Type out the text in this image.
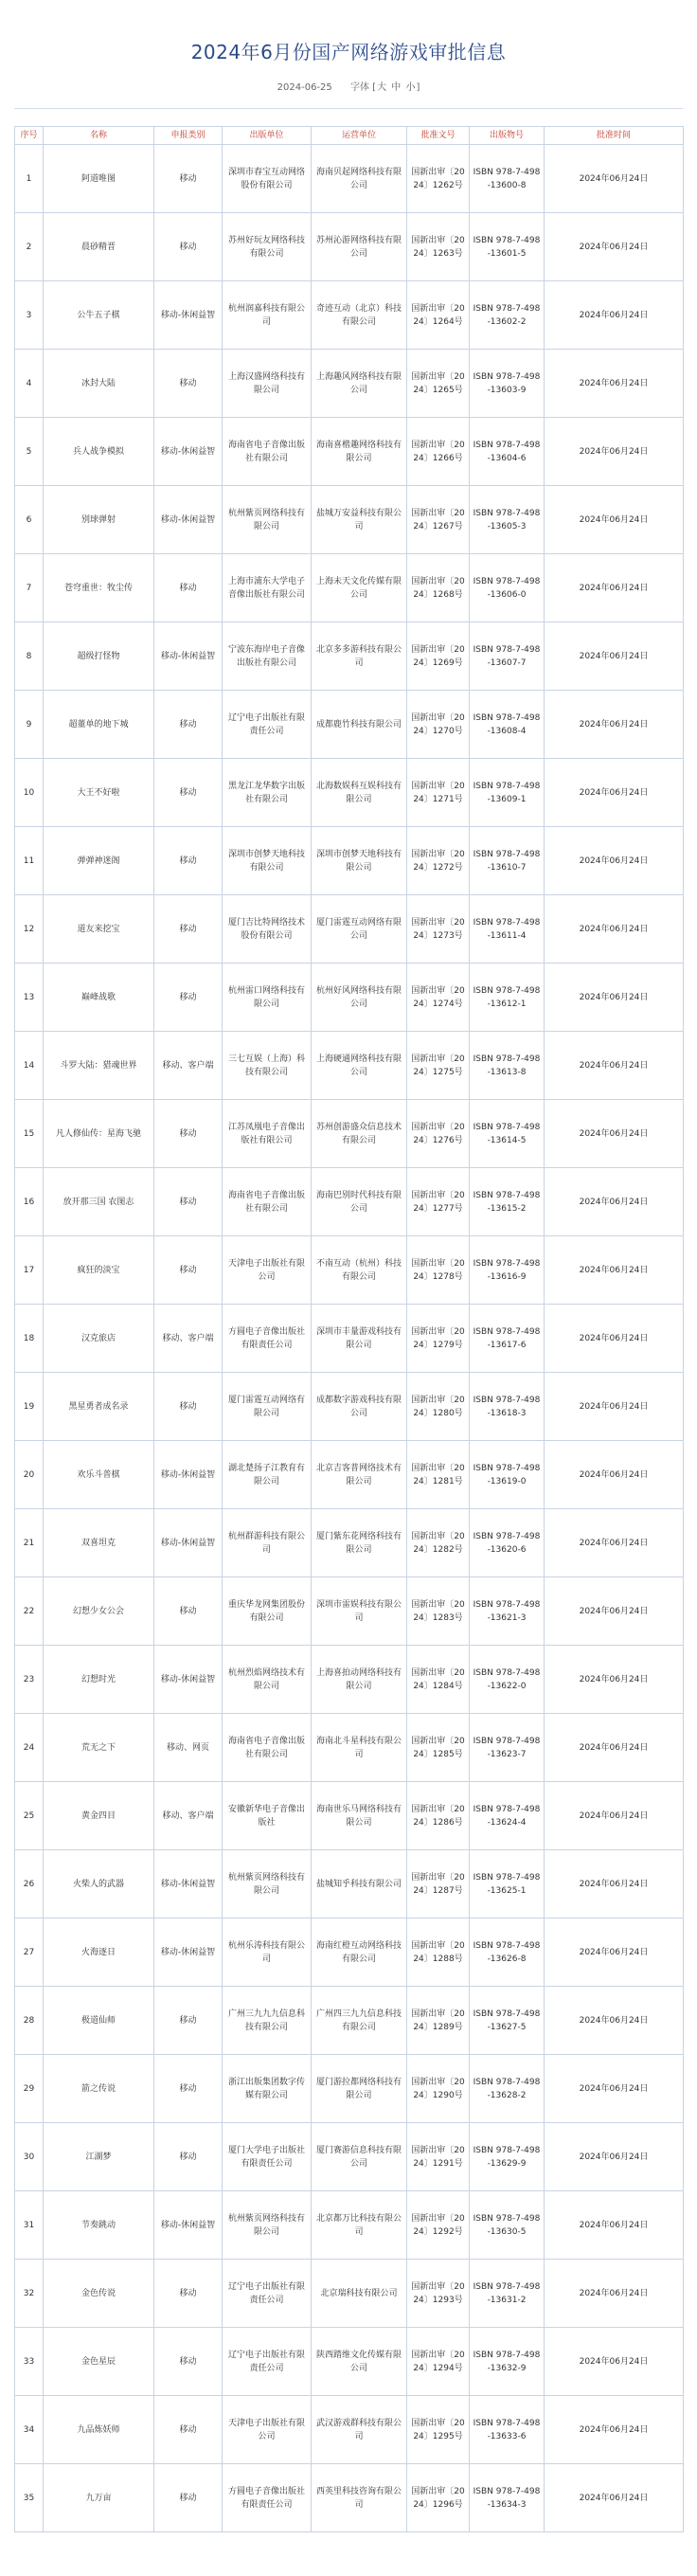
2024年6月份国产网络游戏审批信息
2024-06-25 字体 [大 中 小]
序号	名称	申报类别	出版单位	运营单位	批准文号	出版物号	批准时间
1	阿道唯图	移动	深圳市春宝互动网络股份有限公司	海南贝起网络科技有限公司	国新出审〔2024〕1262号	ISBN 978-7-498-13600-8	2024年06月24日
2	晨砂精晋	移动	苏州好玩友网络科技有限公司	苏州沁游网络科技有限公司	国新出审〔2024〕1263号	ISBN 978-7-498-13601-5	2024年06月24日
3	公牛五子棋	移动-休闲益智	杭州润嘉科技有限公司	奇迹互动（北京）科技有限公司	国新出审〔2024〕1264号	ISBN 978-7-498-13602-2	2024年06月24日
4	冰封大陆	移动	上海汉盛网络科技有限公司	上海趣风网络科技有限公司	国新出审〔2024〕1265号	ISBN 978-7-498-13603-9	2024年06月24日
5	兵人战争模拟	移动-休闲益智	海南省电子音像出版社有限公司	海南喜楷趣网络科技有限公司	国新出审〔2024〕1266号	ISBN 978-7-498-13604-6	2024年06月24日
6	别球弹射	移动-休闲益智	杭州紫页网络科技有限公司	盐城万安益科技有限公司	国新出审〔2024〕1267号	ISBN 978-7-498-13605-3	2024年06月24日
7	苍穹重世：牧尘传	移动	上海市浦东大学电子音像出版社有限公司	上海未天文化传媒有限公司	国新出审〔2024〕1268号	ISBN 978-7-498-13606-0	2024年06月24日
8	超级打怪物	移动-休闲益智	宁波东海岸电子音像出版社有限公司	北京多多游科技有限公司	国新出审〔2024〕1269号	ISBN 978-7-498-13607-7	2024年06月24日
9	超董单的地下城	移动	辽宁电子出版社有限责任公司	成都鹿竹科技有限公司	国新出审〔2024〕1270号	ISBN 978-7-498-13608-4	2024年06月24日
10	大王不好啦	移动	黑龙江龙华数字出版社有限公司	北海数娱科互娱科技有限公司	国新出审〔2024〕1271号	ISBN 978-7-498-13609-1	2024年06月24日
11	弹弹神迷阁	移动	深圳市创梦天地科技有限公司	深圳市创梦天地科技有限公司	国新出审〔2024〕1272号	ISBN 978-7-498-13610-7	2024年06月24日
12	道友来挖宝	移动	厦门吉比特网络技术股份有限公司	厦门雷霆互动网络有限公司	国新出审〔2024〕1273号	ISBN 978-7-498-13611-4	2024年06月24日
13	巅峰战歌	移动	杭州雷口网络科技有限公司	杭州好风网络科技有限公司	国新出审〔2024〕1274号	ISBN 978-7-498-13612-1	2024年06月24日
14	斗罗大陆：猎魂世界	移动、客户端	三七互娱（上海）科技有限公司	上海硬通网络科技有限公司	国新出审〔2024〕1275号	ISBN 978-7-498-13613-8	2024年06月24日
15	凡人修仙传：星海飞驰	移动	江苏凤凰电子音像出版社有限公司	苏州创游盛众信息技术有限公司	国新出审〔2024〕1276号	ISBN 978-7-498-13614-5	2024年06月24日
16	放开那三国 农图志	移动	海南省电子音像出版社有限公司	海南巴别时代科技有限公司	国新出审〔2024〕1277号	ISBN 978-7-498-13615-2	2024年06月24日
17	疯狂的淡宝	移动	天津电子出版社有限公司	不南互动（杭州）科技有限公司	国新出审〔2024〕1278号	ISBN 978-7-498-13616-9	2024年06月24日
18	汉克旅店	移动、客户端	方圆电子音像出版社有限责任公司	深圳市丰量游戏科技有限公司	国新出审〔2024〕1279号	ISBN 978-7-498-13617-6	2024年06月24日
19	黑星勇者成名录	移动	厦门雷霆互动网络有限公司	成都数字游戏科技有限公司	国新出审〔2024〕1280号	ISBN 978-7-498-13618-3	2024年06月24日
20	欢乐斗普棋	移动-休闲益智	湖北楚扬子江教育有限公司	北京吉客普网络技术有限公司	国新出审〔2024〕1281号	ISBN 978-7-498-13619-0	2024年06月24日
21	双喜坦克	移动-休闲益智	杭州群游科技有限公司	厦门紫东花网络科技有限公司	国新出审〔2024〕1282号	ISBN 978-7-498-13620-6	2024年06月24日
22	幻想少女公会	移动	重庆华龙网集团股份有限公司	深圳市雷娱科技有限公司	国新出审〔2024〕1283号	ISBN 978-7-498-13621-3	2024年06月24日
23	幻想时光	移动-休闲益智	杭州烈焰网络技术有限公司	上海喜拍动网络科技有限公司	国新出审〔2024〕1284号	ISBN 978-7-498-13622-0	2024年06月24日
24	荒无之下	移动、网页	海南省电子音像出版社有限公司	海南北斗星科技有限公司	国新出审〔2024〕1285号	ISBN 978-7-498-13623-7	2024年06月24日
25	黄金四目	移动、客户端	安徽新华电子音像出版社	海南世乐马网络科技有限公司	国新出审〔2024〕1286号	ISBN 978-7-498-13624-4	2024年06月24日
26	火柴人的武器	移动-休闲益智	杭州紫页网络科技有限公司	盐城知乎科技有限公司	国新出审〔2024〕1287号	ISBN 978-7-498-13625-1	2024年06月24日
27	火海逐日	移动-休闲益智	杭州乐涛科技有限公司	海南红橙互动网络科技有限公司	国新出审〔2024〕1288号	ISBN 978-7-498-13626-8	2024年06月24日
28	极道仙师	移动	广州三九九九信息科技有限公司	广州四三九九信息科技有限公司	国新出审〔2024〕1289号	ISBN 978-7-498-13627-5	2024年06月24日
29	箭之传说	移动	浙江出版集团数字传媒有限公司	厦门游拉都网络科技有限公司	国新出审〔2024〕1290号	ISBN 978-7-498-13628-2	2024年06月24日
30	江湖梦	移动	厦门大学电子出版社有限责任公司	厦门赛游信息科技有限公司	国新出审〔2024〕1291号	ISBN 978-7-498-13629-9	2024年06月24日
31	节奏跳动	移动-休闲益智	杭州紫页网络科技有限公司	北京都万比科技有限公司	国新出审〔2024〕1292号	ISBN 978-7-498-13630-5	2024年06月24日
32	金色传说	移动	辽宁电子出版社有限责任公司	北京瑞科技有限公司	国新出审〔2024〕1293号	ISBN 978-7-498-13631-2	2024年06月24日
33	金色星辰	移动	辽宁电子出版社有限责任公司	陕西踏维文化传媒有限公司	国新出审〔2024〕1294号	ISBN 978-7-498-13632-9	2024年06月24日
34	九品炼妖师	移动	天津电子出版社有限公司	武汉游戏群科技有限公司	国新出审〔2024〕1295号	ISBN 978-7-498-13633-6	2024年06月24日
35	九万亩	移动	方圆电子音像出版社有限责任公司	西英里科技咨询有限公司	国新出审〔2024〕1296号	ISBN 978-7-498-13634-3	2024年06月24日
